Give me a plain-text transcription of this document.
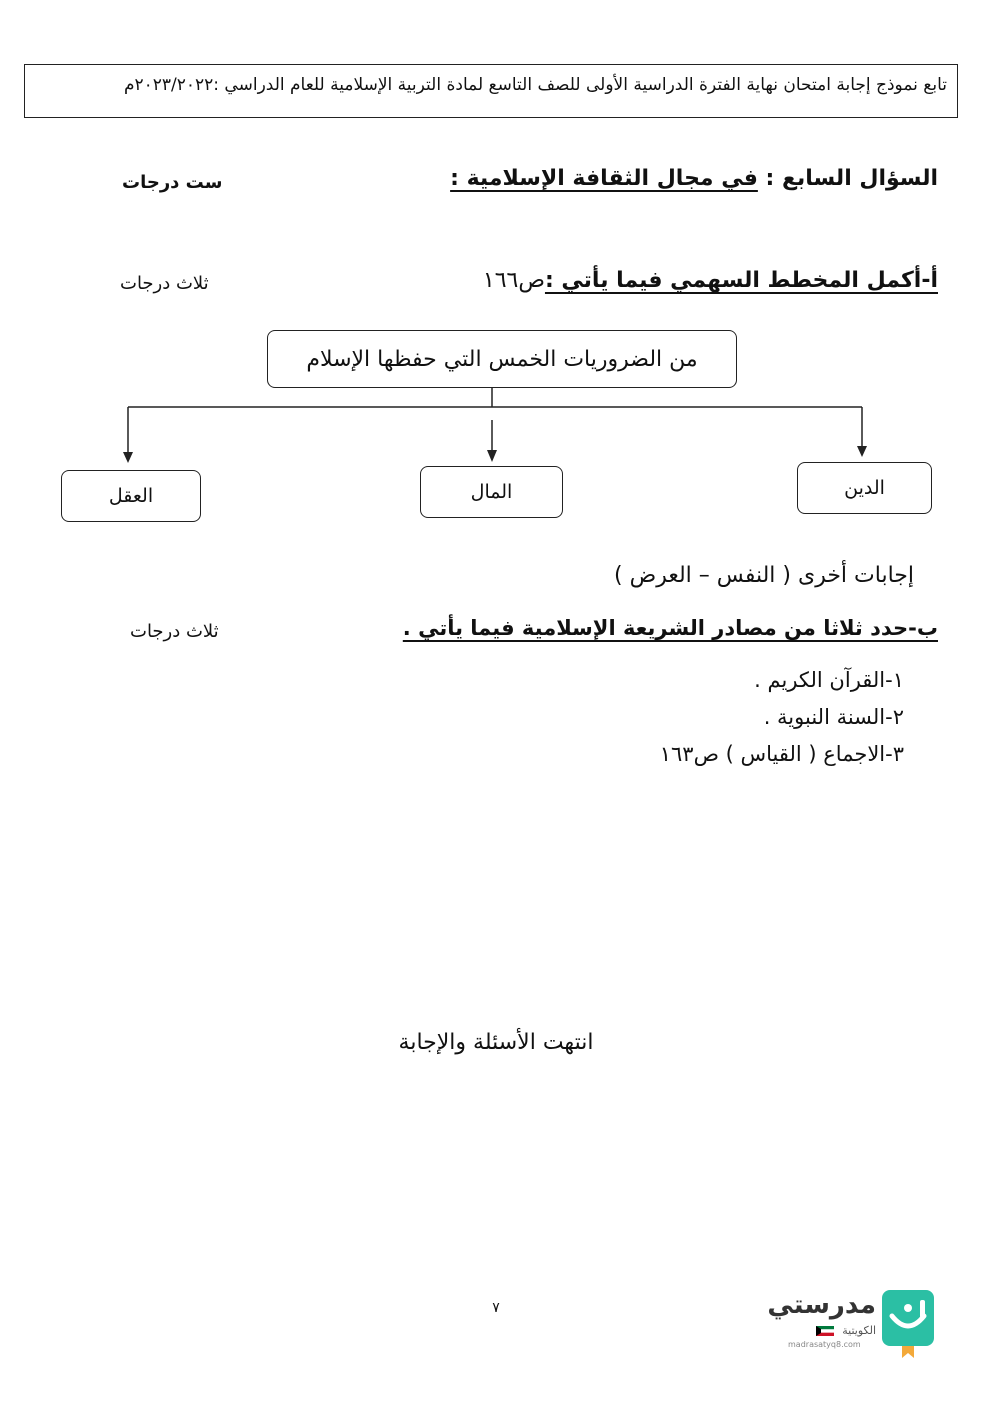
تابع نموذج إجابة امتحان نهاية الفترة الدراسية الأولى للصف التاسع لمادة التربية الإسلامية للعام الدراسي :٢٠٢٣/٢٠٢٢م
السؤال السابع : في مجال الثقافة الإسلامية :
ست درجات
أ-أكمل المخطط السهمي فيما يأتي :ص١٦٦
ثلاث درجات
من الضروريات الخمس التي حفظها الإسلام
الدين
المال
العقل
إجابات أخرى ( النفس – العرض )
ب-حدد ثلاثا من مصادر الشريعة الإسلامية فيما يأتي .
ثلاث درجات
١-القرآن الكريم .
٢-السنة النبوية .
٣-الاجماع ( القياس ) ص١٦٣
انتهت الأسئلة والإجابة
٧	مدرستي
الكويتية
madrasatyq8.com
